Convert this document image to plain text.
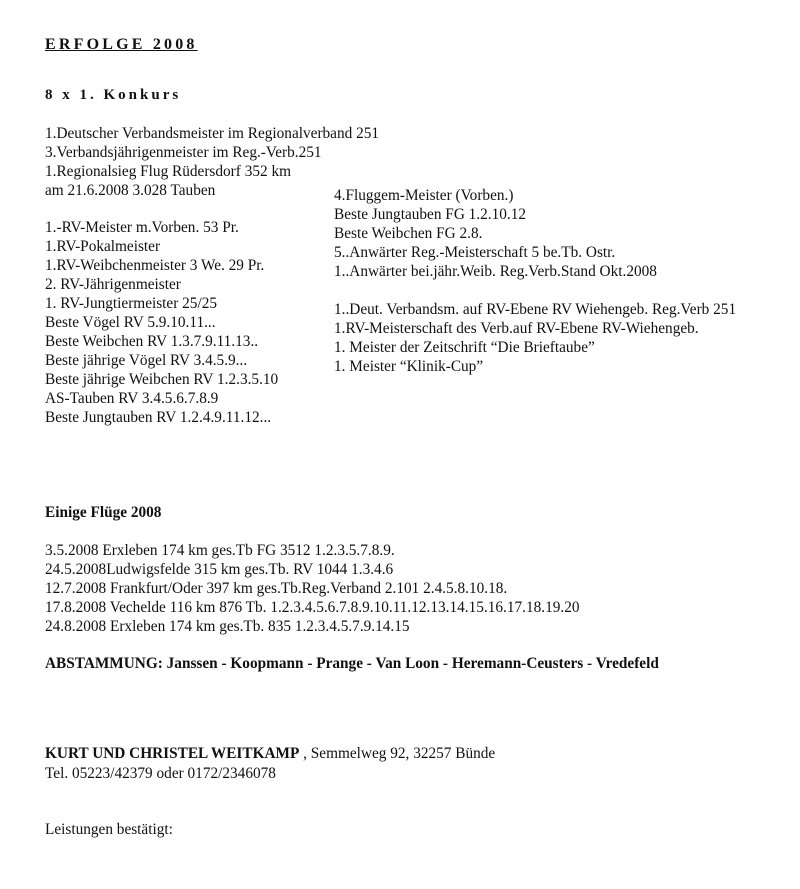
ERFOLGE 2008
8 x 1. Konkurs
1.Deutscher Verbandsmeister im Regionalverband 251
3.Verbandsjährigenmeister im Reg.-Verb.251
1.Regionalsieg Flug Rüdersdorf 352 km
am 21.6.2008 3.028 Tauben
1.-RV-Meister m.Vorben. 53 Pr.
1.RV-Pokalmeister
1.RV-Weibchenmeister 3 We. 29 Pr.
2. RV-Jährigenmeister
1. RV-Jungtiermeister 25/25
Beste Vögel RV 5.9.10.11...
Beste Weibchen RV 1.3.7.9.11.13..
Beste jährige Vögel RV 3.4.5.9...
Beste jährige Weibchen RV 1.2.3.5.10
AS-Tauben RV 3.4.5.6.7.8.9
Beste Jungtauben RV 1.2.4.9.11.12...
4.Fluggem-Meister (Vorben.)
Beste Jungtauben FG 1.2.10.12
Beste Weibchen FG 2.8.
5..Anwärter Reg.-Meisterschaft 5 be.Tb. Ostr.
1..Anwärter bei.jähr.Weib. Reg.Verb.Stand Okt.2008
1..Deut. Verbandsm. auf RV-Ebene RV Wiehengeb. Reg.Verb 251
1.RV-Meisterschaft des Verb.auf RV-Ebene RV-Wiehengeb.
1. Meister der Zeitschrift “Die Brieftaube”
1. Meister “Klinik-Cup”
Einige Flüge 2008
3.5.2008 Erxleben 174 km ges.Tb FG 3512 1.2.3.5.7.8.9.
24.5.2008Ludwigsfelde 315 km ges.Tb. RV 1044 1.3.4.6
12.7.2008 Frankfurt/Oder 397 km ges.Tb.Reg.Verband 2.101 2.4.5.8.10.18.
17.8.2008 Vechelde 116 km 876 Tb. 1.2.3.4.5.6.7.8.9.10.11.12.13.14.15.16.17.18.19.20
24.8.2008 Erxleben 174 km ges.Tb. 835 1.2.3.4.5.7.9.14.15
ABSTAMMUNG: Janssen - Koopmann - Prange - Van Loon - Heremann-Ceusters - Vredefeld
KURT UND CHRISTEL WEITKAMP , Semmelweg 92, 32257 Bünde
Tel. 05223/42379 oder 0172/2346078
Leistungen bestätigt:
